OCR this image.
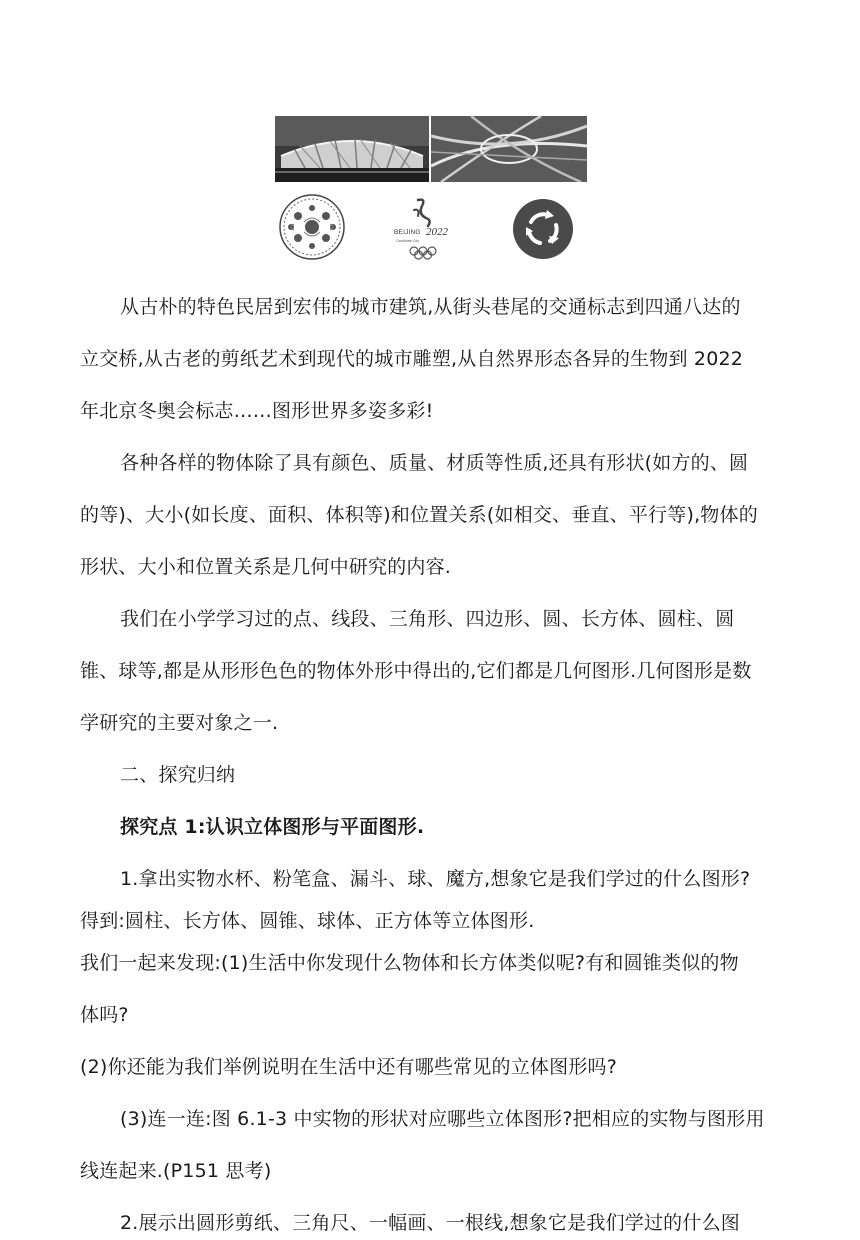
BEIJING 2022
Candidate City

从古朴的特色民居到宏伟的城市建筑,从街头巷尾的交通标志到四通八达的

立交桥,从古老的剪纸艺术到现代的城市雕塑,从自然界形态各异的生物到 2022

年北京冬奥会标志……图形世界多姿多彩!

各种各样的物体除了具有颜色、质量、材质等性质,还具有形状(如方的、圆

的等)、大小(如长度、面积、体积等)和位置关系(如相交、垂直、平行等),物体的

形状、大小和位置关系是几何中研究的内容.

我们在小学学习过的点、线段、三角形、四边形、圆、长方体、圆柱、圆

锥、球等,都是从形形色色的物体外形中得出的,它们都是几何图形.几何图形是数

学研究的主要对象之一.

二、探究归纳

探究点 1:认识立体图形与平面图形.

1.拿出实物水杯、粉笔盒、漏斗、球、魔方,想象它是我们学过的什么图形?

得到:圆柱、长方体、圆锥、球体、正方体等立体图形.

我们一起来发现:(1)生活中你发现什么物体和长方体类似呢?有和圆锥类似的物

体吗?

(2)你还能为我们举例说明在生活中还有哪些常见的立体图形吗?

(3)连一连:图 6.1-3 中实物的形状对应哪些立体图形?把相应的实物与图形用

线连起来.(P151 思考)

2.展示出圆形剪纸、三角尺、一幅画、一根线,想象它是我们学过的什么图
